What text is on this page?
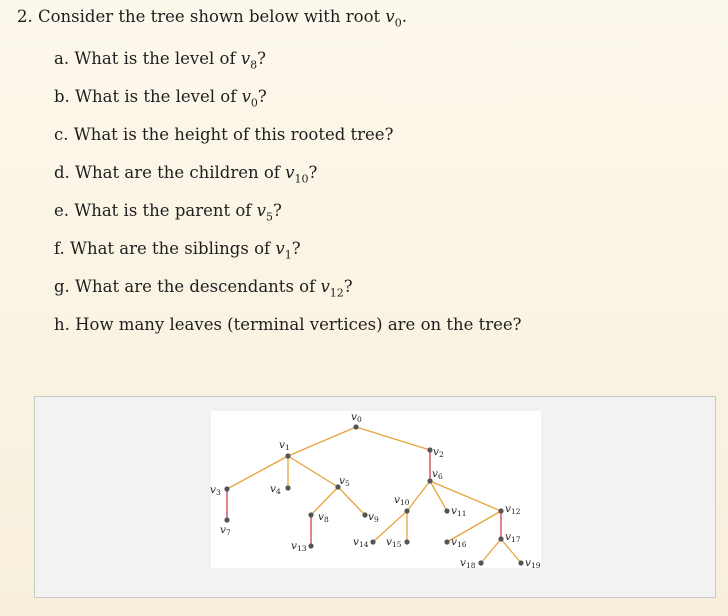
2. Consider the tree shown below with root $v_0$.
a. What is the level of $v_8$?
b. What is the level of $v_0$?
c. What is the height of this rooted tree?
d. What are the children of $v_{10}$?
e. What is the parent of $v_5$?
f. What are the siblings of $v_1$?
g. What are the descendants of $v_{12}$?
h. How many leaves (terminal vertices) are on the tree?
v0
v1	v2
v3	v4
v5
v6
v7
v8	v9
v10
v11	v12
v13
v14 v15	v16
v17
v18	v19
